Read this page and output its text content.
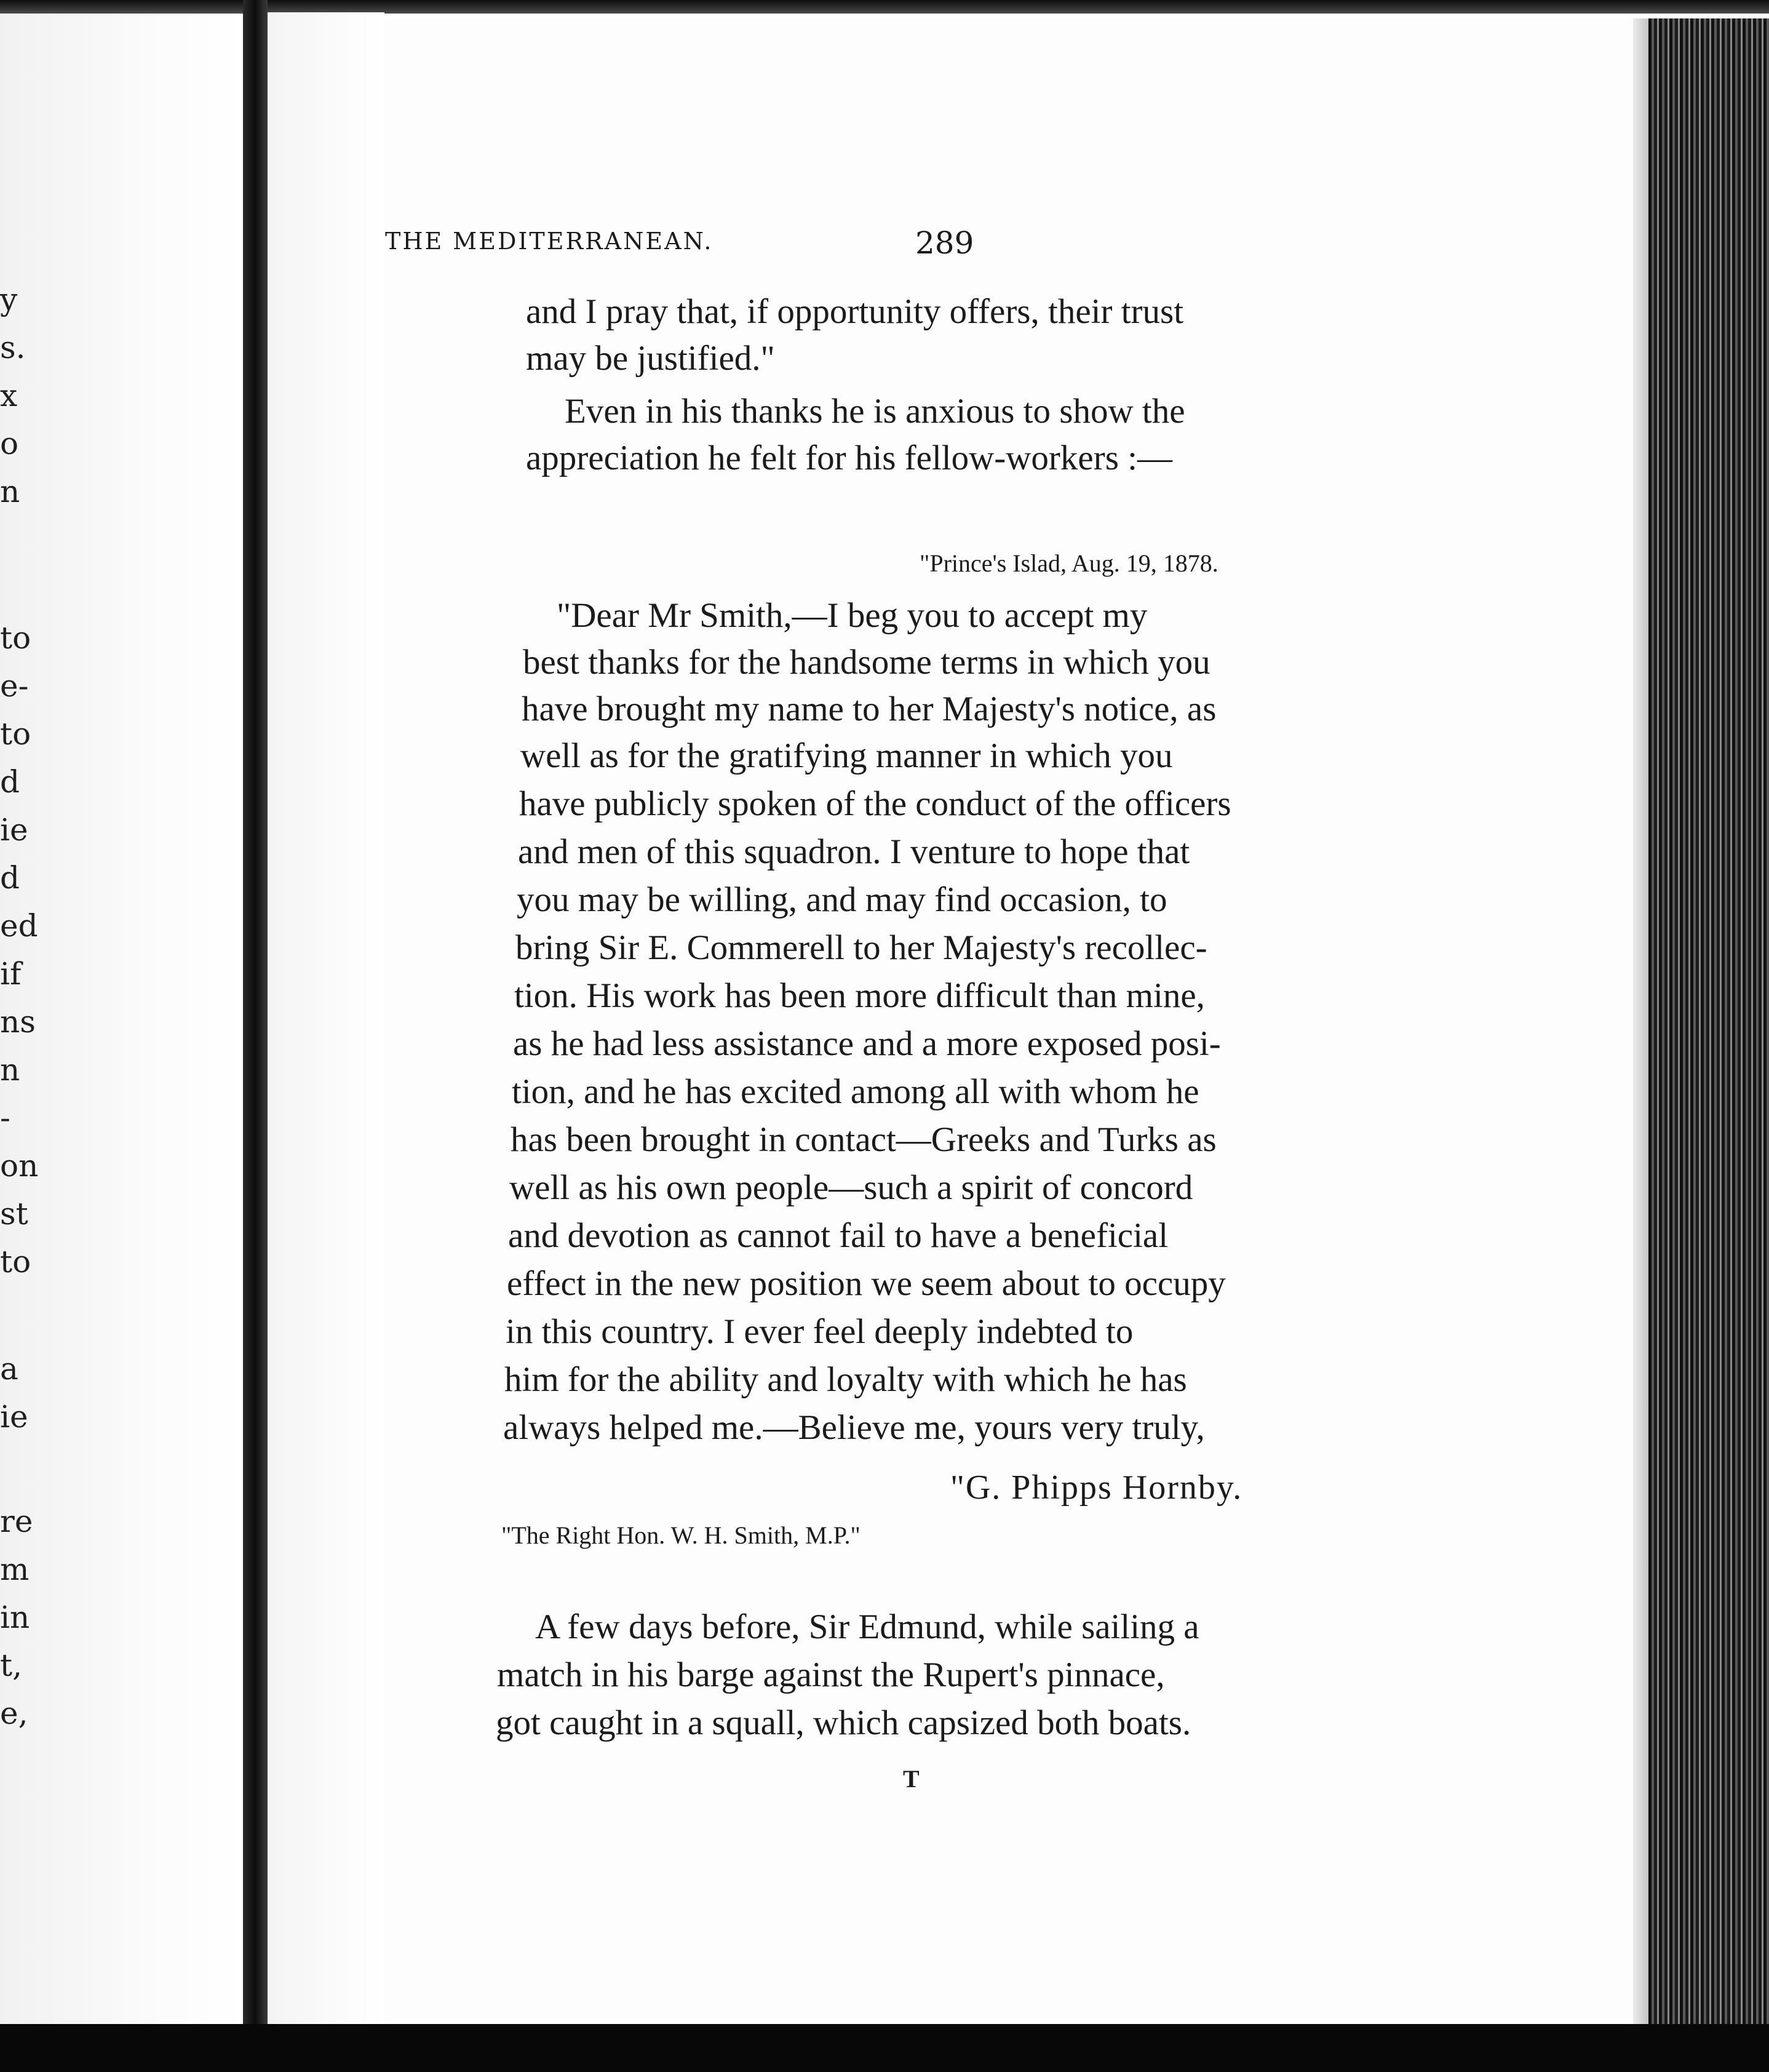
y
s.
x
o
n
to
e-
to
d
ie
d
ed
if
ns
n
-
on
st
to
a
ie
re
m
in
t,
e,
THE MEDITERRANEAN.	289
and I pray that, if opportunity offers, their trust
may be justified."
Even in his thanks he is anxious to show the
appreciation he felt for his fellow-workers :—
"Prince's Islad, Aug. 19, 1878.
"Dear Mr Smith,—I beg you to accept my
best thanks for the handsome terms in which you
have brought my name to her Majesty's notice, as
well as for the gratifying manner in which you
have publicly spoken of the conduct of the officers
and men of this squadron. I venture to hope that
you may be willing, and may find occasion, to
bring Sir E. Commerell to her Majesty's recollec-
tion. His work has been more difficult than mine,
as he had less assistance and a more exposed posi-
tion, and he has excited among all with whom he
has been brought in contact—Greeks and Turks as
well as his own people—such a spirit of concord
and devotion as cannot fail to have a beneficial
effect in the new position we seem about to occupy
in this country. I ever feel deeply indebted to
him for the ability and loyalty with which he has
always helped me.—Believe me, yours very truly,
"G. Phipps Hornby.
"The Right Hon. W. H. Smith, M.P."
A few days before, Sir Edmund, while sailing a
match in his barge against the Rupert's pinnace,
got caught in a squall, which capsized both boats.
T
